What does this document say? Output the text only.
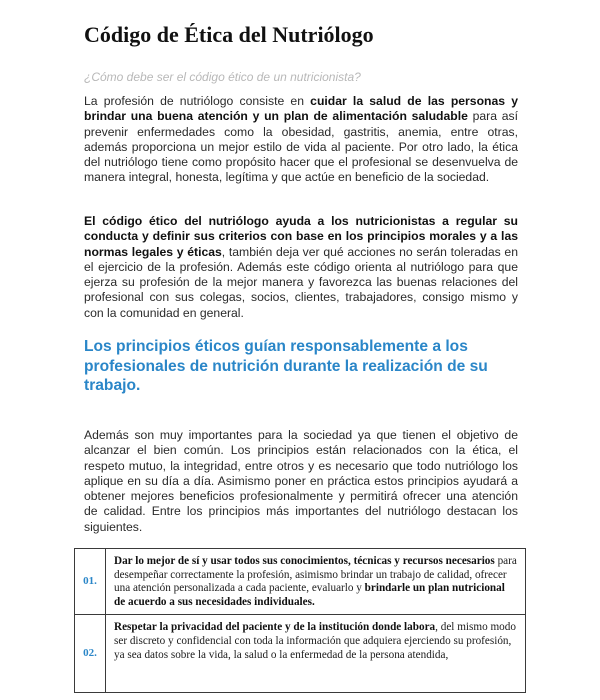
Código de Ética del Nutriólogo

¿Cómo debe ser el código ético de un nutricionista?

La profesión de nutriólogo consiste en cuidar la salud de las personas y brindar una buena atención y un plan de alimentación saludable para así prevenir enfermedades como la obesidad, gastritis, anemia, entre otras, además proporciona un mejor estilo de vida al paciente. Por otro lado, la ética del nutriólogo tiene como propósito hacer que el profesional se desenvuelva de manera integral, honesta, legítima y que actúe en beneficio de la sociedad.

El código ético del nutriólogo ayuda a los nutricionistas a regular su conducta y definir sus criterios con base en los principios morales y a las normas legales y éticas, también deja ver qué acciones no serán toleradas en el ejercicio de la profesión. Además este código orienta al nutriólogo para que ejerza su profesión de la mejor manera y favorezca las buenas relaciones del profesional con sus colegas, socios, clientes, trabajadores, consigo mismo y con la comunidad en general.

Los principios éticos guían responsablemente a los profesionales de nutrición durante la realización de su trabajo.

Además son muy importantes para la sociedad ya que tienen el objetivo de alcanzar el bien común. Los principios están relacionados con la ética, el respeto mutuo, la integridad, entre otros y es necesario que todo nutriólogo los aplique en su día a día. Asimismo poner en práctica estos principios ayudará a obtener mejores beneficios profesionalmente y permitirá ofrecer una atención de calidad. Entre los principios más importantes del nutriólogo destacan los siguientes.

01.	Dar lo mejor de sí y usar todos sus conocimientos, técnicas y recursos necesarios para desempeñar correctamente la profesión, asimismo brindar un trabajo de calidad, ofrecer una atención personalizada a cada paciente, evaluarlo y brindarle un plan nutricional de acuerdo a sus necesidades individuales.
02.	Respetar la privacidad del paciente y de la institución donde labora, del mismo modo ser discreto y confidencial con toda la información que adquiera ejerciendo su profesión, ya sea datos sobre la vida, la salud o la enfermedad de la persona atendida,
